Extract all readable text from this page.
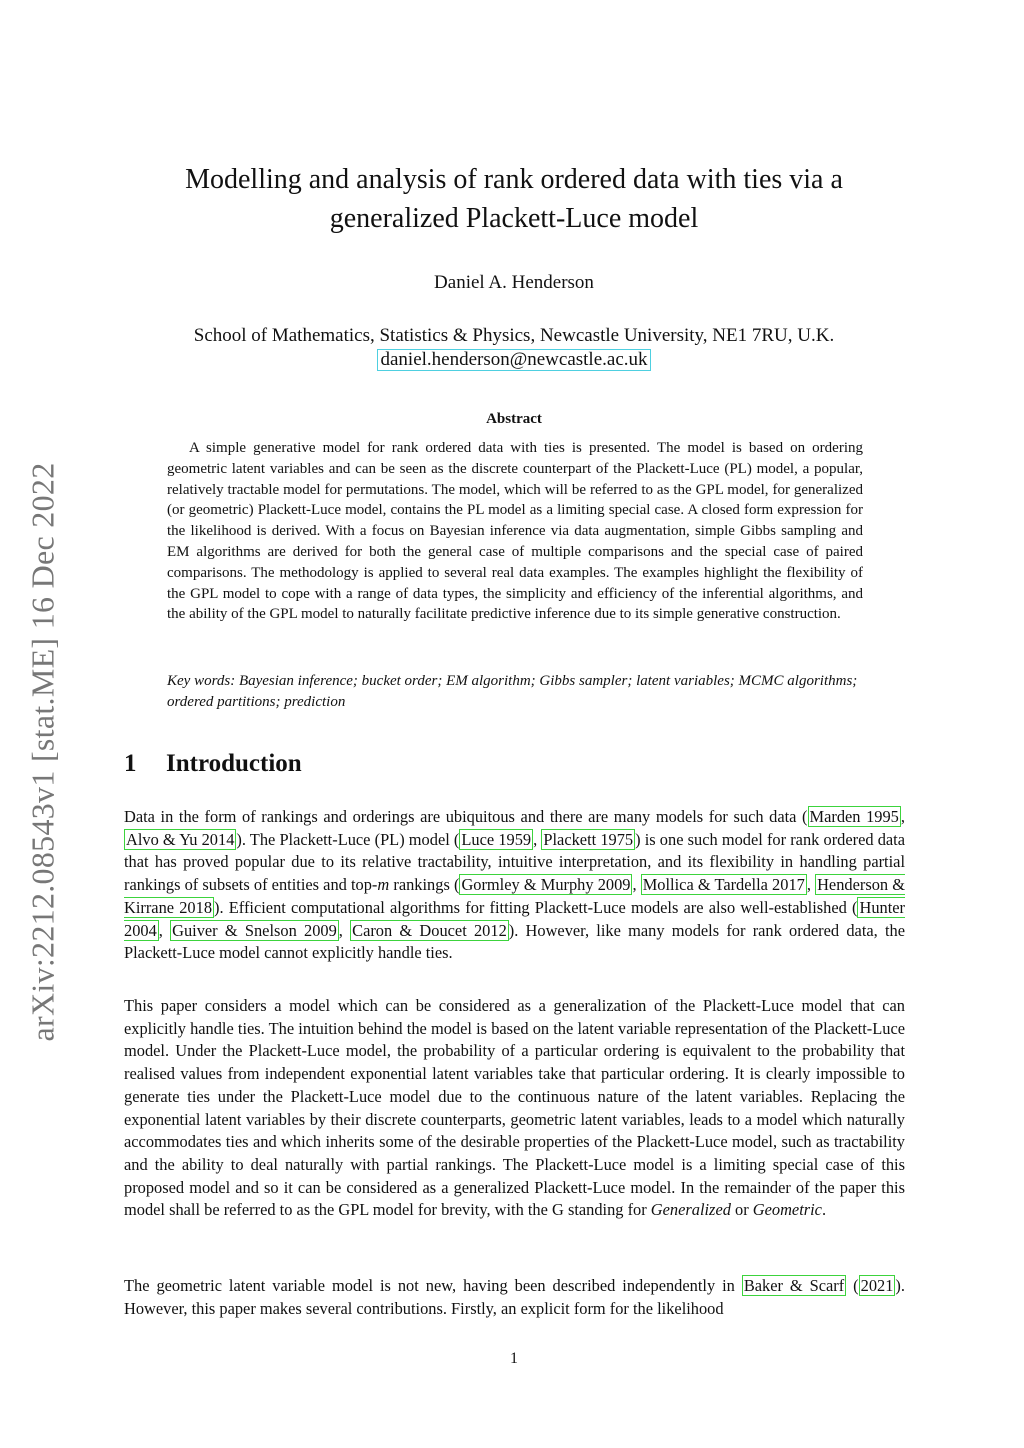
arXiv:2212.08543v1 [stat.ME] 16 Dec 2022
Modelling and analysis of rank ordered data with ties via a generalized Plackett-Luce model
Daniel A. Henderson
School of Mathematics, Statistics & Physics, Newcastle University, NE1 7RU, U.K.
daniel.henderson@newcastle.ac.uk
Abstract

A simple generative model for rank ordered data with ties is presented. The model is based on ordering geometric latent variables and can be seen as the discrete counterpart of the Plackett-Luce (PL) model, a popular, relatively tractable model for permutations. The model, which will be referred to as the GPL model, for generalized (or geometric) Plackett-Luce model, contains the PL model as a limiting special case. A closed form expression for the likelihood is derived. With a focus on Bayesian inference via data augmentation, simple Gibbs sampling and EM algorithms are derived for both the general case of multiple comparisons and the special case of paired comparisons. The methodology is applied to several real data examples. The examples highlight the flexibility of the GPL model to cope with a range of data types, the simplicity and efficiency of the inferential algorithms, and the ability of the GPL model to naturally facilitate predictive inference due to its simple generative construction.

Key words: Bayesian inference; bucket order; EM algorithm; Gibbs sampler; latent variables; MCMC algorithms; ordered partitions; prediction

1 Introduction

Data in the form of rankings and orderings are ubiquitous and there are many models for such data ( Marden 1995 , Alvo & Yu 2014 ). The Plackett-Luce (PL) model ( Luce 1959 , Plackett 1975 ) is one such model for rank ordered data that has proved popular due to its relative tractability, intuitive interpretation, and its flexibility in handling partial rankings of subsets of entities and top-m rankings ( Gormley & Murphy 2009 , Mollica & Tardella 2017 , Henderson & Kirrane 2018 ). Efficient computational algorithms for fitting Plackett-Luce models are also well-established ( Hunter 2004 , Guiver & Snelson 2009 , Caron & Doucet 2012 ). However, like many models for rank ordered data, the Plackett-Luce model cannot explicitly handle ties.

This paper considers a model which can be considered as a generalization of the Plackett-Luce model that can explicitly handle ties. The intuition behind the model is based on the latent variable representation of the Plackett-Luce model. Under the Plackett-Luce model, the probability of a particular ordering is equivalent to the probability that realised values from independent exponential latent variables take that particular ordering. It is clearly impossible to generate ties under the Plackett-Luce model due to the continuous nature of the latent variables. Replacing the exponential latent variables by their discrete counterparts, geometric latent variables, leads to a model which naturally accommodates ties and which inherits some of the desirable properties of the Plackett-Luce model, such as tractability and the ability to deal naturally with partial rankings. The Plackett-Luce model is a limiting special case of this proposed model and so it can be considered as a generalized Plackett-Luce model. In the remainder of the paper this model shall be referred to as the GPL model for brevity, with the G standing for Generalized or Geometric.

The geometric latent variable model is not new, having been described independently in Baker & Scarf ( 2021 ). However, this paper makes several contributions. Firstly, an explicit form for the likelihood

1
